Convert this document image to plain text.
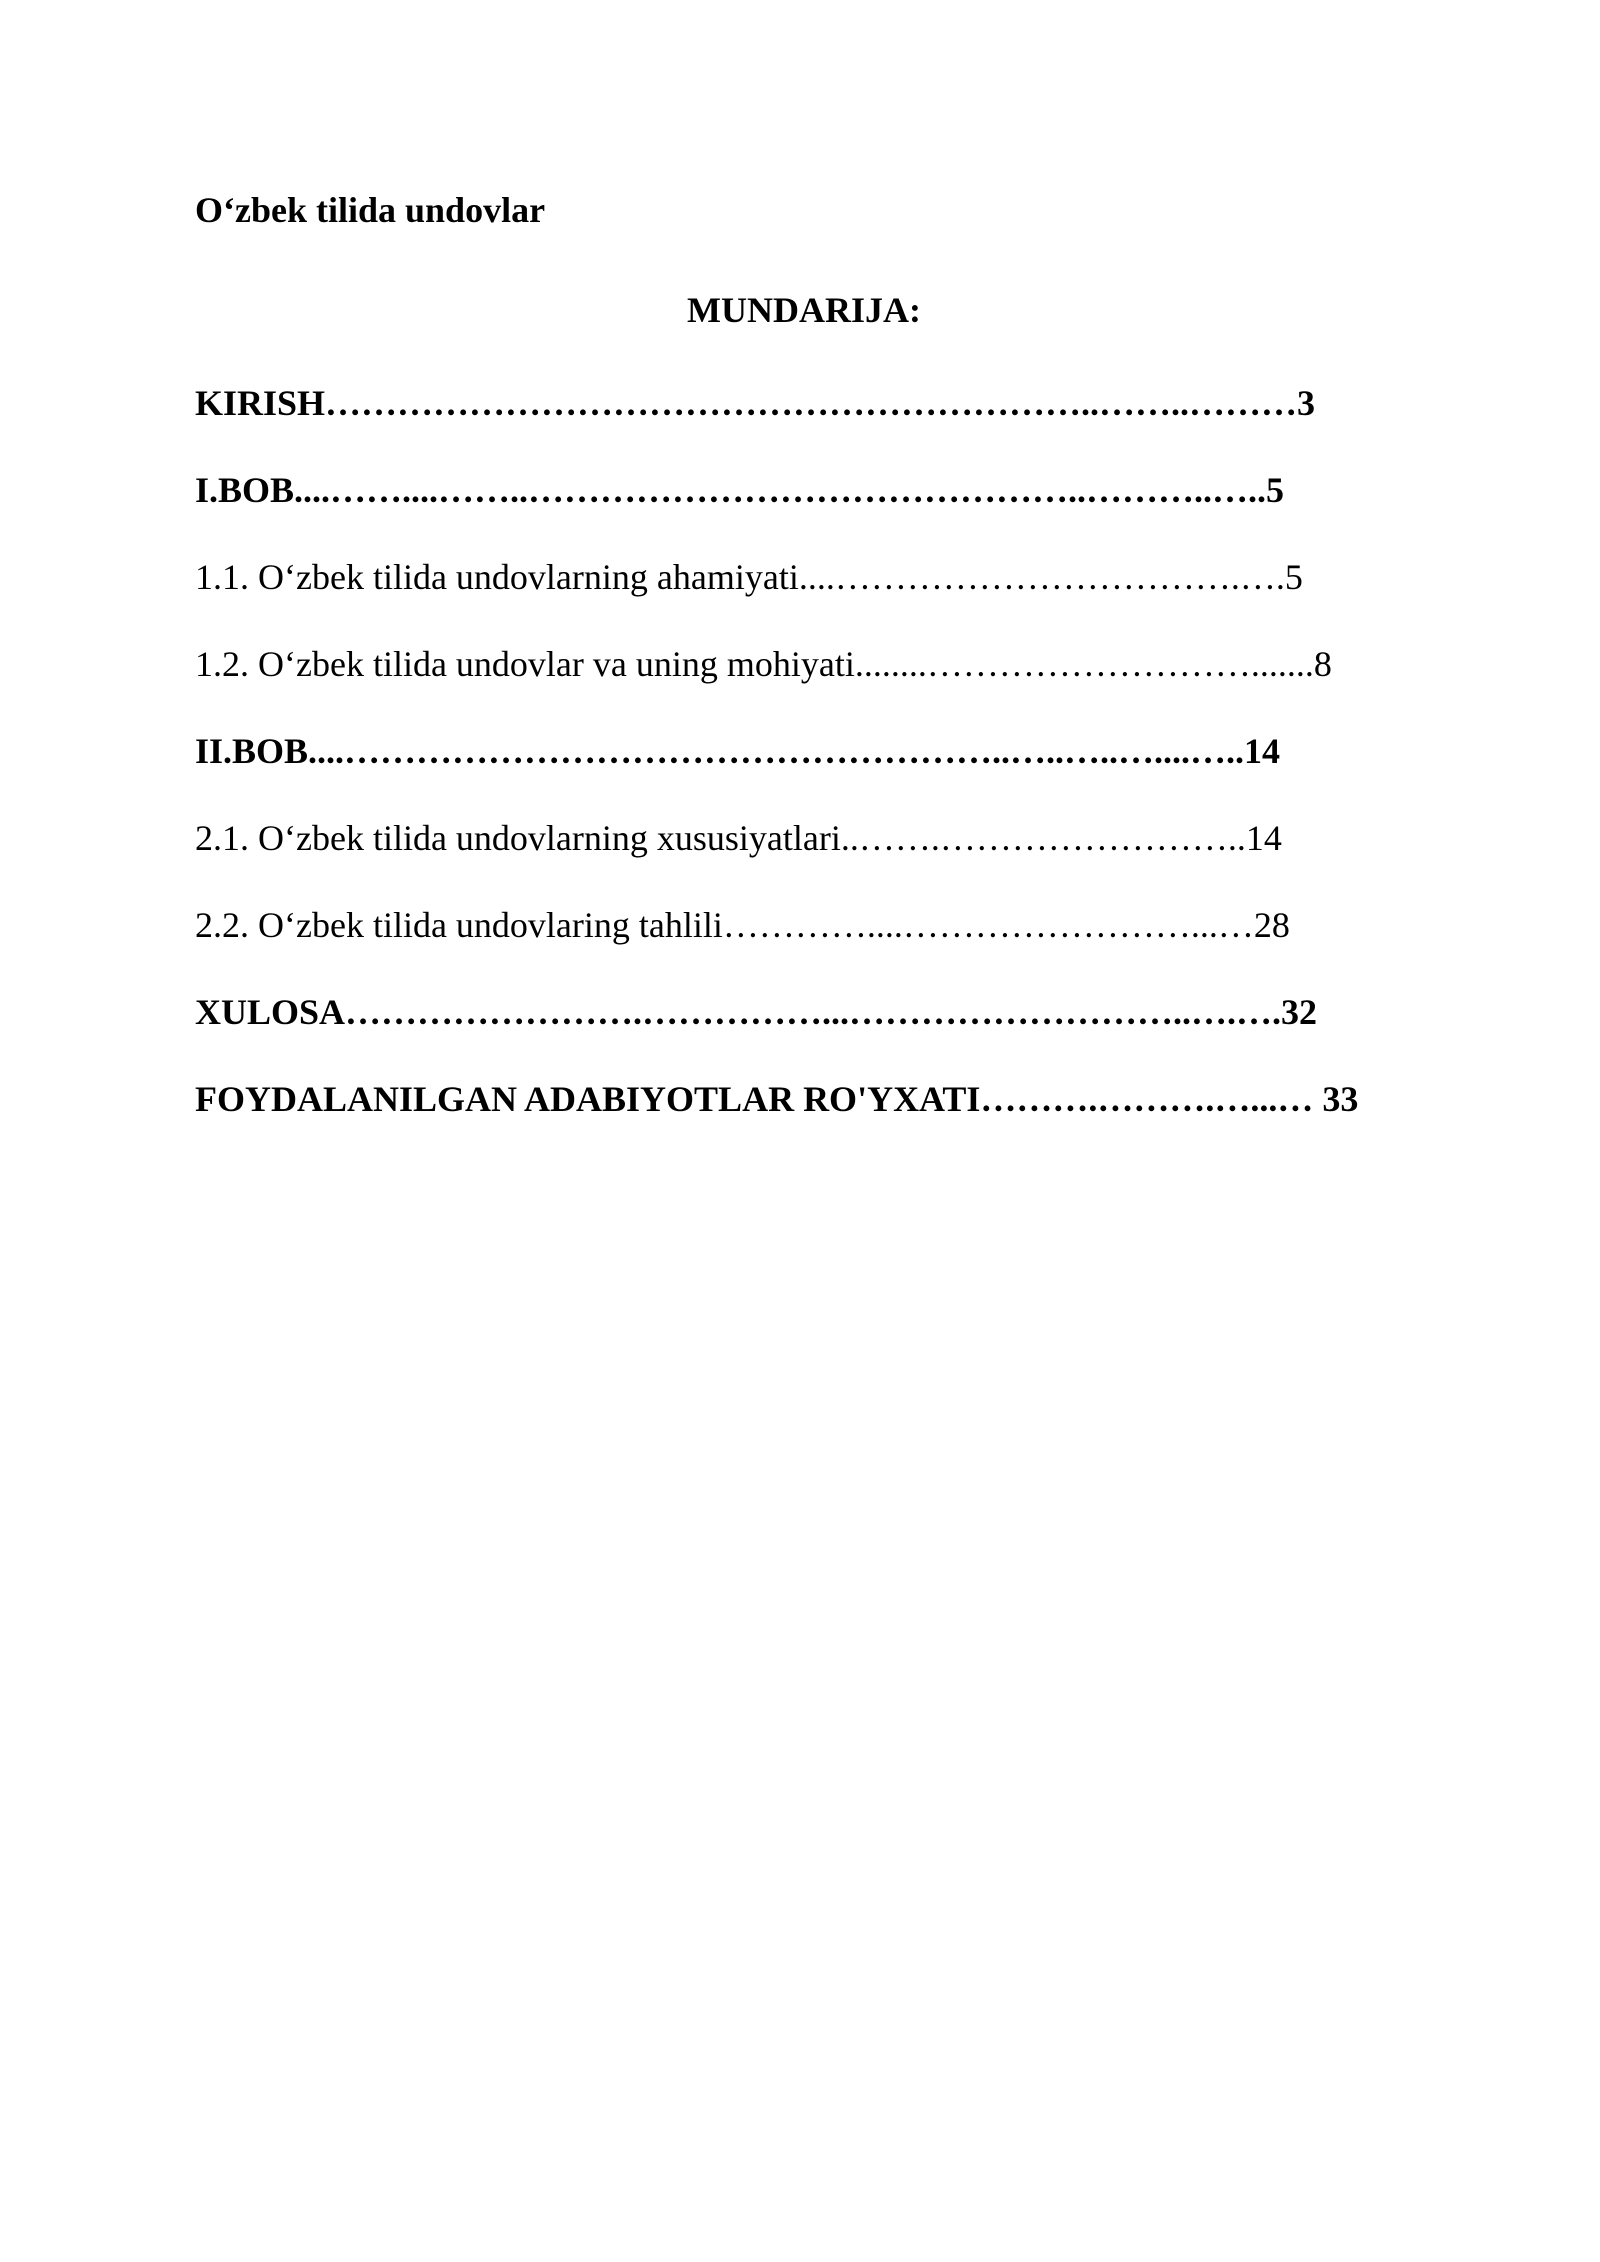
O‘zbek tilida undovlar
MUNDARIJA:
KIRISH………………………………………………………..……..………3
I.BOB....……....……..………………………………………..………..…..5
1.1. O‘zbek tilida undovlarning ahamiyati....…………………………….….5
1.2. O‘zbek tilida undovlar va uning mohiyati........……………………….......8
II.BOB....………………………………………………..…..…..…....…..14
2.1. O‘zbek tilida undovlarning xususiyatlari..…….……………………..14
2.2. O‘zbek tilida undovlaring tahlili…………....……………………...…28
XULOSA…………………….……………...………………………..….….32
FOYDALANILGAN ADABIYOTLAR RO'YXATI……….……….…...… 33
